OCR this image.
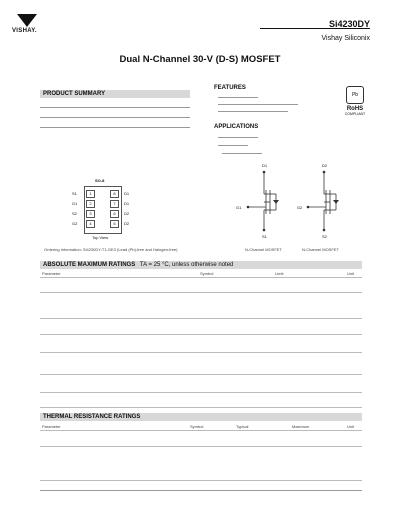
VISHAY.
Si4230DY
Vishay Siliconix
Dual N-Channel 30-V (D-S) MOSFET
PRODUCT SUMMARY
FEATURES
APPLICATIONS
Pb
RoHS
COMPLIANT
SO-8
1
2
3
4
8
7
6
5
S1
G1
S2
G2
D1
D1
D2
D2
Top View
D1
G1
S1
D2
G2
S2
N-Channel MOSFET	N-Channel MOSFET
Ordering Information: Si4230DY-T1-GE3 (Lead (Pb)-free and Halogen-free)
ABSOLUTE MAXIMUM RATINGS TA = 25 °C, unless otherwise noted
Parameter	Symbol	Limit	Unit
THERMAL RESISTANCE RATINGS
Parameter	Symbol	Typical	Maximum	Unit
